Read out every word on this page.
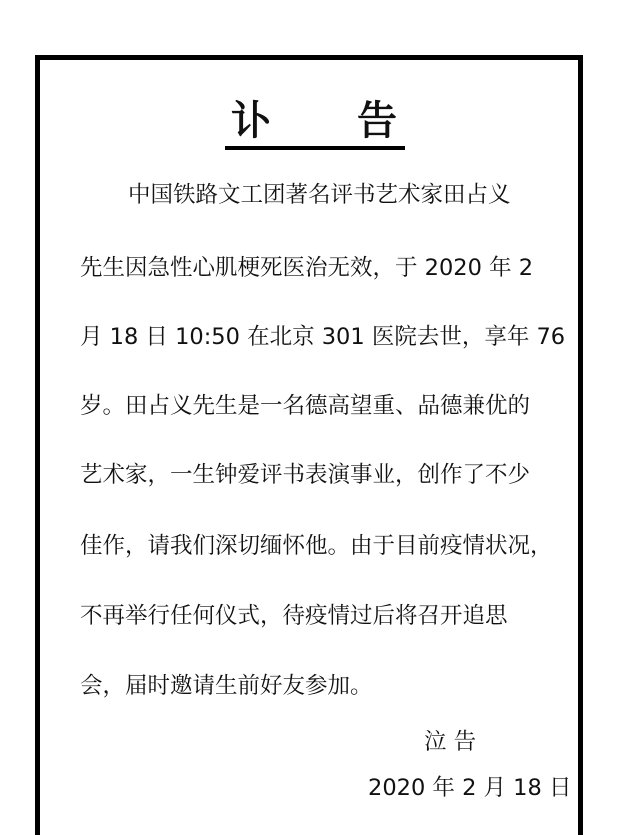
讣　　告
中国铁路文工团著名评书艺术家田占义
先生因急性心肌梗死医治无效，于 2020 年 2
月 18 日 10:50 在北京 301 医院去世，享年 76
岁。田占义先生是一名德高望重、品德兼优的
艺术家，一生钟爱评书表演事业，创作了不少
佳作，请我们深切缅怀他。由于目前疫情状况，
不再举行任何仪式，待疫情过后将召开追思
会，届时邀请生前好友参加。
泣 告
2020 年 2 月 18 日
